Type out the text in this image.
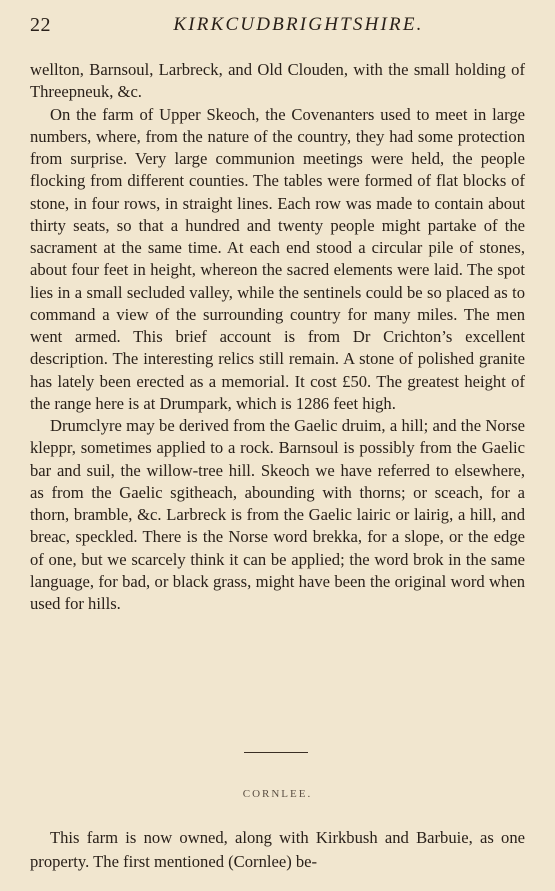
22	KIRKCUDBRIGHTSHIRE.

wellton, Barnsoul, Larbreck, and Old Clouden, with the small holding of Threepneuk, &c.

On the farm of Upper Skeoch, the Covenanters used to meet in large numbers, where, from the nature of the country, they had some protection from surprise. Very large communion meetings were held, the people flocking from different counties. The tables were formed of flat blocks of stone, in four rows, in straight lines. Each row was made to contain about thirty seats, so that a hundred and twenty people might partake of the sacrament at the same time. At each end stood a circular pile of stones, about four feet in height, whereon the sacred elements were laid. The spot lies in a small secluded valley, while the sentinels could be so placed as to command a view of the surrounding country for many miles. The men went armed. This brief account is from Dr Crichton’s excellent description. The interesting relics still remain. A stone of polished granite has lately been erected as a memorial. It cost £50. The greatest height of the range here is at Drumpark, which is 1286 feet high.

Drumclyre may be derived from the Gaelic druim, a hill; and the Norse kleppr, sometimes applied to a rock. Barnsoul is possibly from the Gaelic bar and suil, the willow-tree hill. Skeoch we have referred to elsewhere, as from the Gaelic sgitheach, abounding with thorns; or sceach, for a thorn, bramble, &c. Larbreck is from the Gaelic lairic or lairig, a hill, and breac, speckled. There is the Norse word brekka, for a slope, or the edge of one, but we scarcely think it can be applied; the word brok in the same language, for bad, or black grass, might have been the original word when used for hills.

CORNLEE.

This farm is now owned, along with Kirkbush and Barbuie, as one property. The first mentioned (Cornlee) be-
